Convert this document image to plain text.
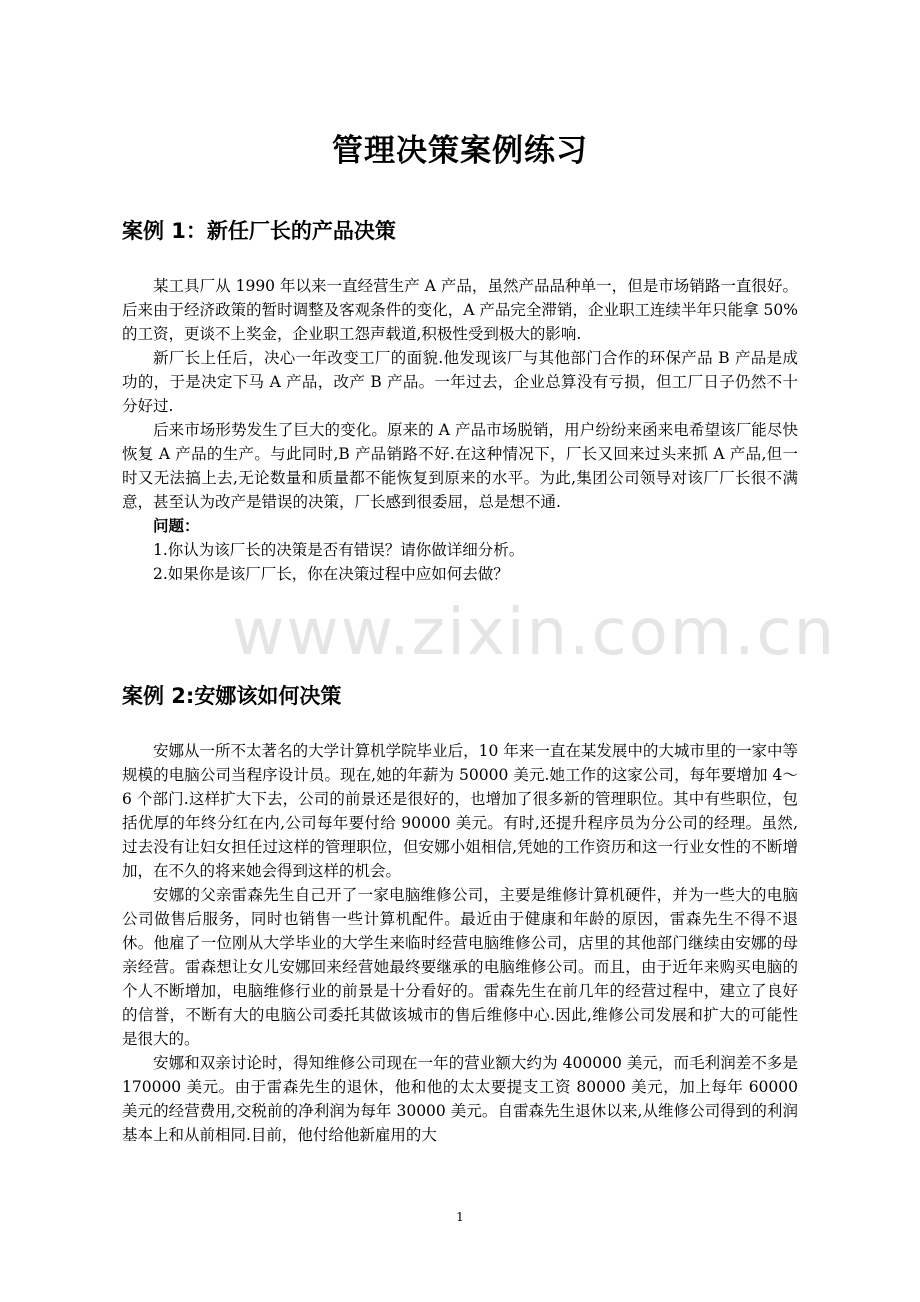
www.zixin.com.cn
管理决策案例练习
案例 1：新任厂长的产品决策

某工具厂从 1990 年以来一直经营生产 A 产品，虽然产品品种单一，但是市场销路一直很好。后来由于经济政策的暂时调整及客观条件的变化，A 产品完全滞销，企业职工连续半年只能拿 50%的工资，更谈不上奖金，企业职工怨声载道,积极性受到极大的影响.

新厂长上任后，决心一年改变工厂的面貌.他发现该厂与其他部门合作的环保产品 B 产品是成功的，于是决定下马 A 产品，改产 B 产品。一年过去，企业总算没有亏损，但工厂日子仍然不十分好过.

后来市场形势发生了巨大的变化。原来的 A 产品市场脱销，用户纷纷来函来电希望该厂能尽快恢复 A 产品的生产。与此同时,B 产品销路不好.在这种情况下，厂长又回来过头来抓 A 产品,但一时又无法搞上去,无论数量和质量都不能恢复到原来的水平。为此,集团公司领导对该厂厂长很不满意，甚至认为改产是错误的决策，厂长感到很委屈，总是想不通.

问题：

1.你认为该厂长的决策是否有错误？请你做详细分析。

2.如果你是该厂厂长，你在决策过程中应如何去做？

案例 2:安娜该如何决策

安娜从一所不太著名的大学计算机学院毕业后，10 年来一直在某发展中的大城市里的一家中等规模的电脑公司当程序设计员。现在,她的年薪为 50000 美元.她工作的这家公司，每年要增加 4～6 个部门.这样扩大下去，公司的前景还是很好的，也增加了很多新的管理职位。其中有些职位，包括优厚的年终分红在内,公司每年要付给 90000 美元。有时,还提升程序员为分公司的经理。虽然,过去没有让妇女担任过这样的管理职位，但安娜小姐相信,凭她的工作资历和这一行业女性的不断增加，在不久的将来她会得到这样的机会。

安娜的父亲雷森先生自己开了一家电脑维修公司，主要是维修计算机硬件，并为一些大的电脑公司做售后服务，同时也销售一些计算机配件。最近由于健康和年龄的原因，雷森先生不得不退休。他雇了一位刚从大学毕业的大学生来临时经营电脑维修公司，店里的其他部门继续由安娜的母亲经营。雷森想让女儿安娜回来经营她最终要继承的电脑维修公司。而且，由于近年来购买电脑的个人不断增加，电脑维修行业的前景是十分看好的。雷森先生在前几年的经营过程中，建立了良好的信誉，不断有大的电脑公司委托其做该城市的售后维修中心.因此,维修公司发展和扩大的可能性是很大的。

安娜和双亲讨论时，得知维修公司现在一年的营业额大约为 400000 美元，而毛利润差不多是 170000 美元。由于雷森先生的退休，他和他的太太要提支工资 80000 美元，加上每年 60000 美元的经营费用,交税前的净利润为每年 30000 美元。自雷森先生退休以来,从维修公司得到的利润基本上和从前相同.目前，他付给他新雇用的大

1
